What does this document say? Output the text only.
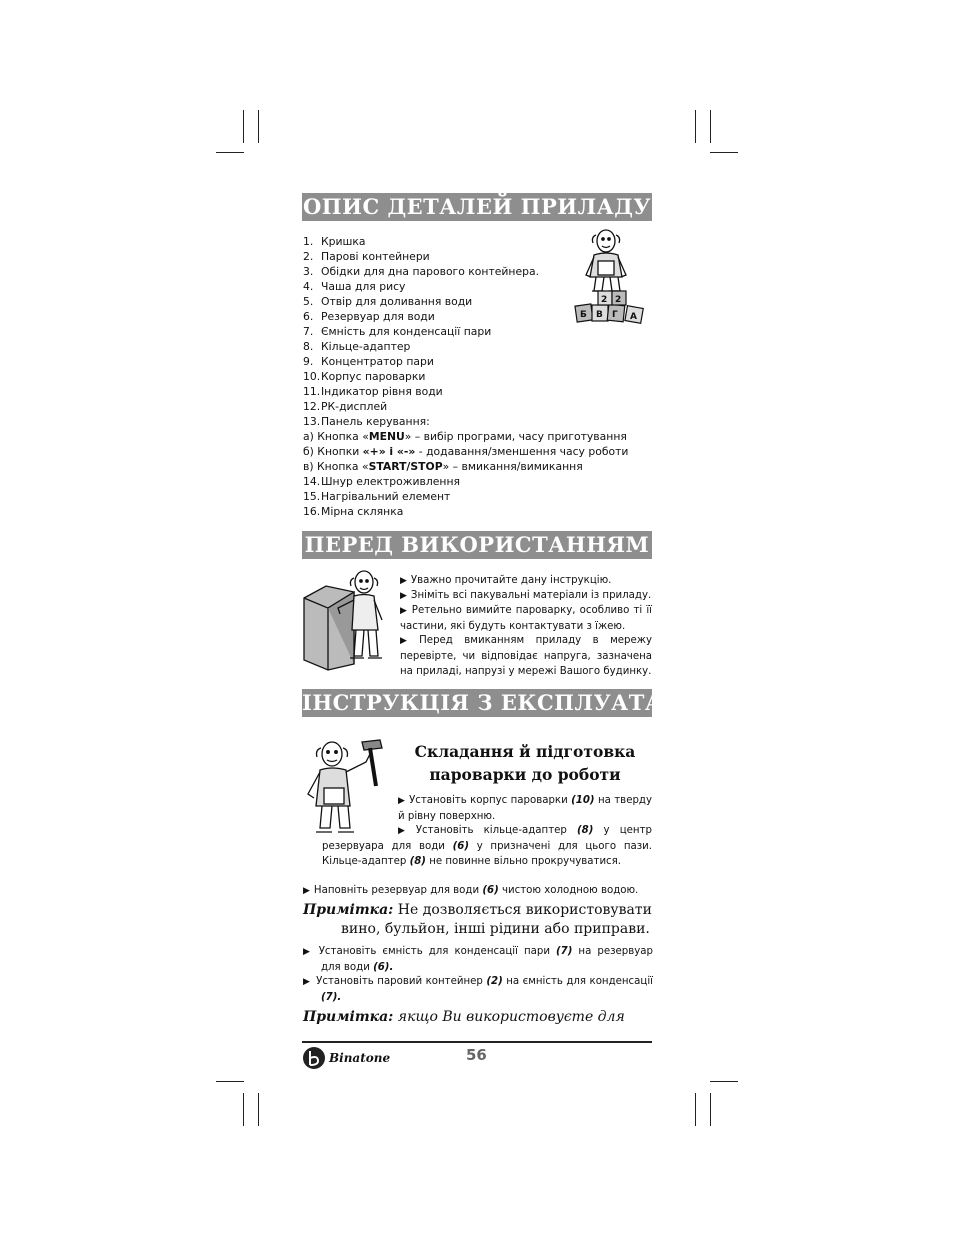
ОПИС ДЕТАЛЕЙ ПРИЛАДУ
1. Кришка
2. Парові контейнери
3. Обідки для дна парового контейнера.
4. Чаша для рису
5. Отвір для доливання води
6. Резервуар для води
7. Ємність для конденсації пари
8. Кільце-адаптер
9. Концентратор пари
10.Корпус пароварки
11.Індикатор рівня води
12.РК-дисплей
13.Панель керування:
а) Кнопка «MENU» – вибір програми, часу приготування
б) Кнопки «+» і «-» - додавання/зменшення часу роботи
в) Кнопка «START/STOP» – вмикання/вимикання
14.Шнур електроживлення
15.Нагрівальний елемент
16.Мірна склянка
Б В Г А
2 2
ПЕРЕД ВИКОРИСТАННЯМ
▶ Уважно прочитайте дану інструкцію.
▶ Зніміть всі пакувальні матеріали із приладу.
▶ Ретельно вимийте пароварку, особливо ті її частини, які будуть контактувати з їжею.
▶ Перед вмиканням приладу в мережу перевірте, чи відповідає напруга, зазначена на приладі, напрузі у мережі Вашого будинку.
ІНСТРУКЦІЯ З ЕКСПЛУАТАЦІЇ
Складання й підготовка
пароварки до роботи
▶ Установіть корпус пароварки (10) на тверду й рівну поверхню.
▶ Установіть кільце-адаптер (8) у центр резервуара для води (6) у призначені для цього пази. Кільце-адаптер (8) не повинне вільно прокручуватися.
▶ Наповніть резервуар для води (6) чистою холодною водою.
Примітка: Не дозволяється використовувати
вино, бульйон, інші рідини або приправи.
▶ Установіть ємність для конденсації пари (7) на резервуар для води (6).
▶ Установіть паровий контейнер (2) на ємність для конденсації (7).
Примітка: якщо Ви використовуєте для
Binatone	56
